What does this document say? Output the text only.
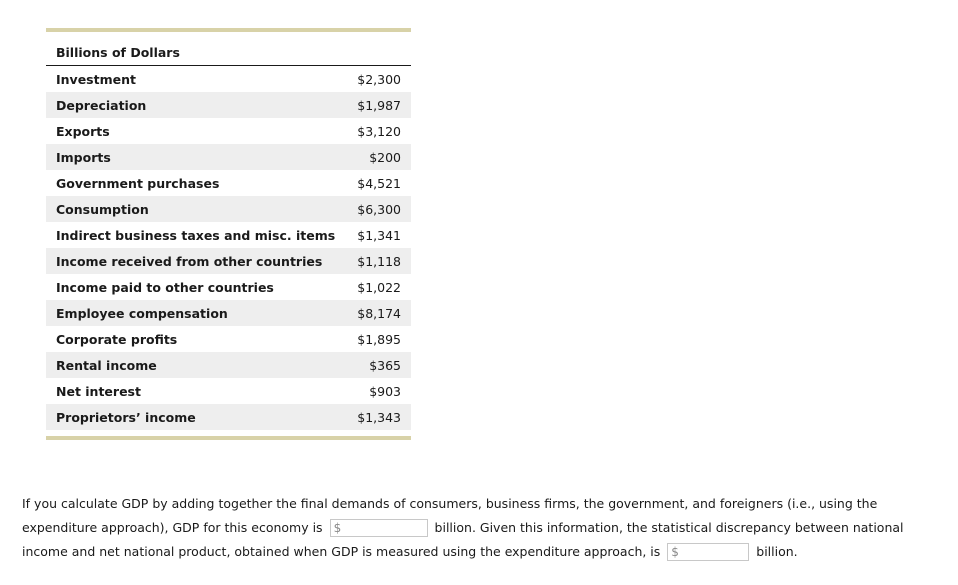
Billions of Dollars
Investment	$2,300
Depreciation	$1,987
Exports	$3,120
Imports	$200
Government purchases	$4,521
Consumption	$6,300
Indirect business taxes and misc. items $1,341
Income received from other countries	$1,118
Income paid to other countries	$1,022
Employee compensation	$8,174
Corporate profits	$1,895
Rental income	$365
Net interest	$903
Proprietors’ income	$1,343
If you calculate GDP by adding together the final demands of consumers, business firms, the government, and foreigners (i.e., using the expenditure approach), GDP for this economy is $	billion. Given this information, the statistical discrepancy between national income and net national product, obtained when GDP is measured using the expenditure approach, is $	billion.
